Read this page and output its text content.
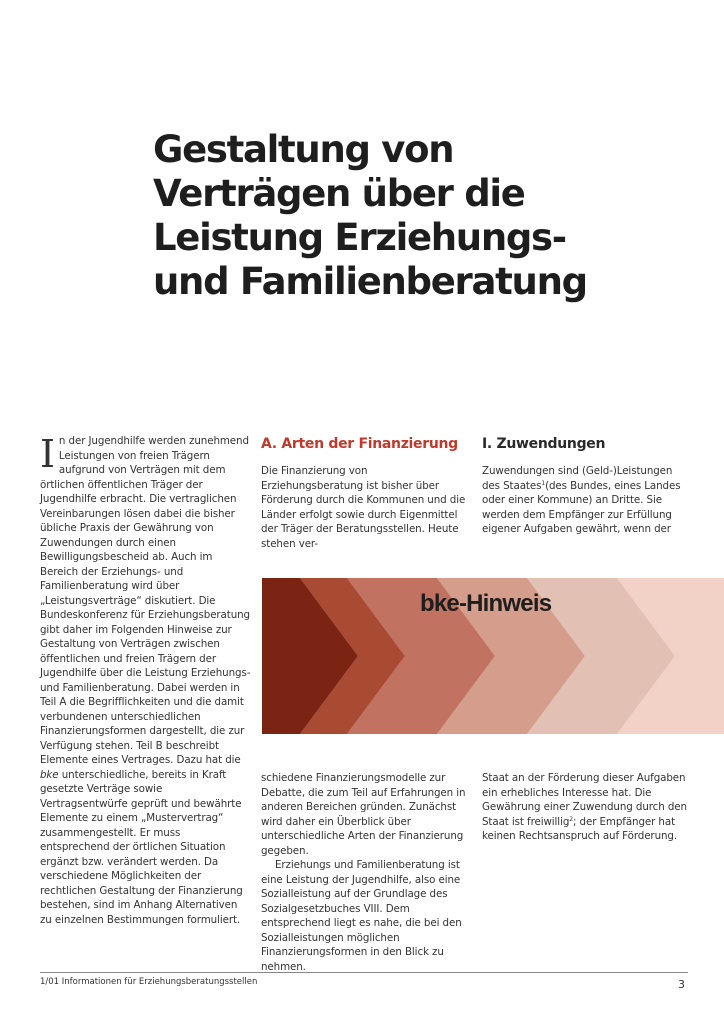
Gestaltung von
Verträgen über die
Leistung Erziehungs-
und Familienberatung
I n der Jugendhilfe werden zunehmend Leistungen von freien Trägern aufgrund von Verträgen mit dem örtlichen öffentlichen Träger der Jugendhilfe erbracht. Die vertraglichen Vereinbarungen lösen dabei die bisher übliche Praxis der Gewährung von Zuwendungen durch einen Bewilligungsbescheid ab. Auch im Bereich der Erziehungs- und Familienberatung wird über „Leistungsverträge“ diskutiert. Die Bundeskonferenz für Erziehungsberatung gibt daher im Folgenden Hinweise zur Gestaltung von Verträgen zwischen öffentlichen und freien Trägern der Jugendhilfe über die Leistung Erziehungs- und Familienberatung. Dabei werden in Teil A die Begrifflichkeiten und die damit verbundenen unterschiedlichen Finanzierungsformen dargestellt, die zur Verfügung stehen. Teil B beschreibt Elemente eines Vertrages. Dazu hat die bke unterschiedliche, bereits in Kraft gesetzte Verträge sowie Vertragsentwürfe geprüft und bewährte Elemente zu einem „Mustervertrag“ zusammengestellt. Er muss entsprechend der örtlichen Situation ergänzt bzw. verändert werden. Da verschiedene Möglichkeiten der rechtlichen Gestaltung der Finanzierung bestehen, sind im Anhang Alternativen zu einzelnen Bestimmungen formuliert.
A. Arten der Finanzierung

Die Finanzierung von Erziehungsberatung ist bisher über Förderung durch die Kommunen und die Länder erfolgt sowie durch Eigenmittel der Träger der Beratungsstellen. Heute stehen ver-

I. Zuwendungen

Zuwendungen sind (Geld-)Leistungen des Staates$^1$(des Bundes, eines Landes oder einer Kommune) an Dritte. Sie werden dem Empfänger zur Erfüllung eigener Aufgaben gewährt, wenn der

bke-Hinweis

schiedene Finanzierungsmodelle zur Debatte, die zum Teil auf Erfahrungen in anderen Bereichen gründen. Zunächst wird daher ein Überblick über unterschiedliche Arten der Finanzierung gegeben.

Erziehungs und Familienberatung ist eine Leistung der Jugendhilfe, also eine Sozialleistung auf der Grundlage des Sozialgesetzbuches VIII. Dem entsprechend liegt es nahe, die bei den Sozialleistungen möglichen Finanzierungsformen in den Blick zu nehmen.

Staat an der Förderung dieser Aufgaben ein erhebliches Interesse hat. Die Gewährung einer Zuwendung durch den Staat ist freiwillig$^2$; der Empfänger hat keinen Rechtsanspruch auf Förderung.

1/01 Informationen für Erziehungsberatungsstellen	3
